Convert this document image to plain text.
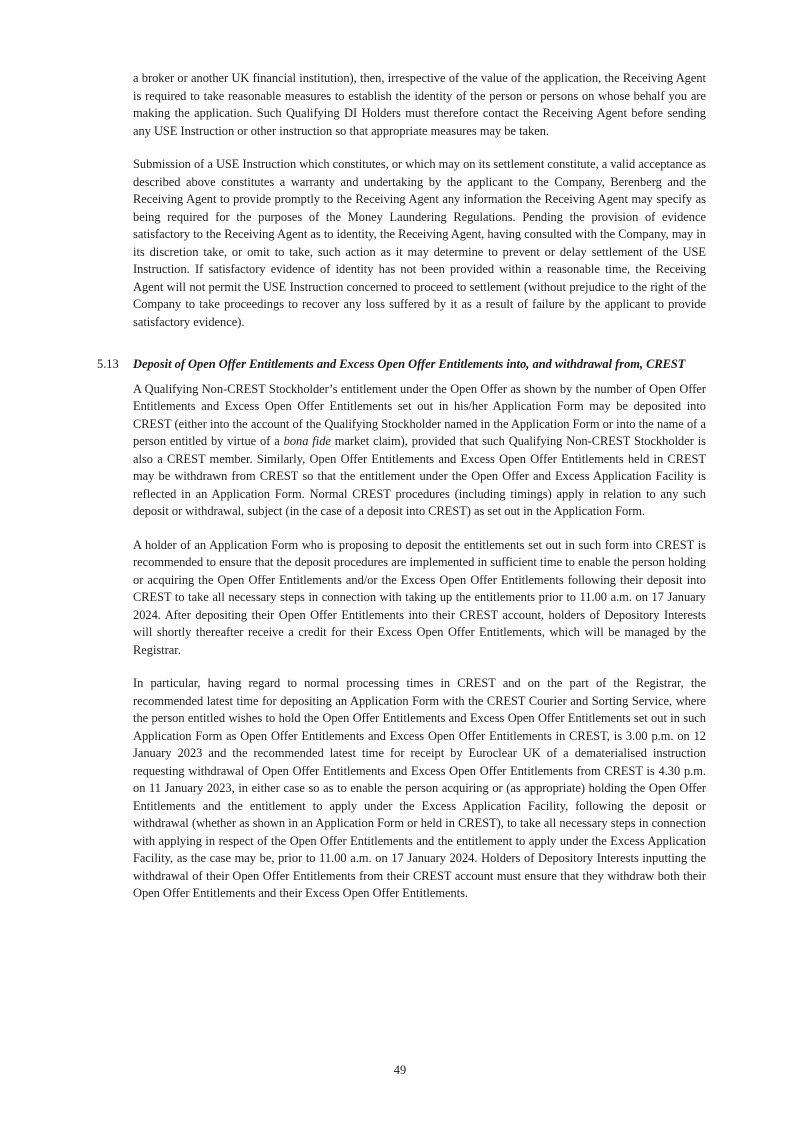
a broker or another UK financial institution), then, irrespective of the value of the application, the Receiving Agent is required to take reasonable measures to establish the identity of the person or persons on whose behalf you are making the application. Such Qualifying DI Holders must therefore contact the Receiving Agent before sending any USE Instruction or other instruction so that appropriate measures may be taken.

Submission of a USE Instruction which constitutes, or which may on its settlement constitute, a valid acceptance as described above constitutes a warranty and undertaking by the applicant to the Company, Berenberg and the Receiving Agent to provide promptly to the Receiving Agent any information the Receiving Agent may specify as being required for the purposes of the Money Laundering Regulations. Pending the provision of evidence satisfactory to the Receiving Agent as to identity, the Receiving Agent, having consulted with the Company, may in its discretion take, or omit to take, such action as it may determine to prevent or delay settlement of the USE Instruction. If satisfactory evidence of identity has not been provided within a reasonable time, the Receiving Agent will not permit the USE Instruction concerned to proceed to settlement (without prejudice to the right of the Company to take proceedings to recover any loss suffered by it as a result of failure by the applicant to provide satisfactory evidence).

5.13	Deposit of Open Offer Entitlements and Excess Open Offer Entitlements into, and withdrawal from, CREST

A Qualifying Non-CREST Stockholder’s entitlement under the Open Offer as shown by the number of Open Offer Entitlements and Excess Open Offer Entitlements set out in his/her Application Form may be deposited into CREST (either into the account of the Qualifying Stockholder named in the Application Form or into the name of a person entitled by virtue of a bona fide market claim), provided that such Qualifying Non-CREST Stockholder is also a CREST member. Similarly, Open Offer Entitlements and Excess Open Offer Entitlements held in CREST may be withdrawn from CREST so that the entitlement under the Open Offer and Excess Application Facility is reflected in an Application Form. Normal CREST procedures (including timings) apply in relation to any such deposit or withdrawal, subject (in the case of a deposit into CREST) as set out in the Application Form.

A holder of an Application Form who is proposing to deposit the entitlements set out in such form into CREST is recommended to ensure that the deposit procedures are implemented in sufficient time to enable the person holding or acquiring the Open Offer Entitlements and/or the Excess Open Offer Entitlements following their deposit into CREST to take all necessary steps in connection with taking up the entitlements prior to 11.00 a.m. on 17 January 2024. After depositing their Open Offer Entitlements into their CREST account, holders of Depository Interests will shortly thereafter receive a credit for their Excess Open Offer Entitlements, which will be managed by the Registrar.

In particular, having regard to normal processing times in CREST and on the part of the Registrar, the recommended latest time for depositing an Application Form with the CREST Courier and Sorting Service, where the person entitled wishes to hold the Open Offer Entitlements and Excess Open Offer Entitlements set out in such Application Form as Open Offer Entitlements and Excess Open Offer Entitlements in CREST, is 3.00 p.m. on 12 January 2023 and the recommended latest time for receipt by Euroclear UK of a dematerialised instruction requesting withdrawal of Open Offer Entitlements and Excess Open Offer Entitlements from CREST is 4.30 p.m. on 11 January 2023, in either case so as to enable the person acquiring or (as appropriate) holding the Open Offer Entitlements and the entitlement to apply under the Excess Application Facility, following the deposit or withdrawal (whether as shown in an Application Form or held in CREST), to take all necessary steps in connection with applying in respect of the Open Offer Entitlements and the entitlement to apply under the Excess Application Facility, as the case may be, prior to 11.00 a.m. on 17 January 2024. Holders of Depository Interests inputting the withdrawal of their Open Offer Entitlements from their CREST account must ensure that they withdraw both their Open Offer Entitlements and their Excess Open Offer Entitlements.

49
